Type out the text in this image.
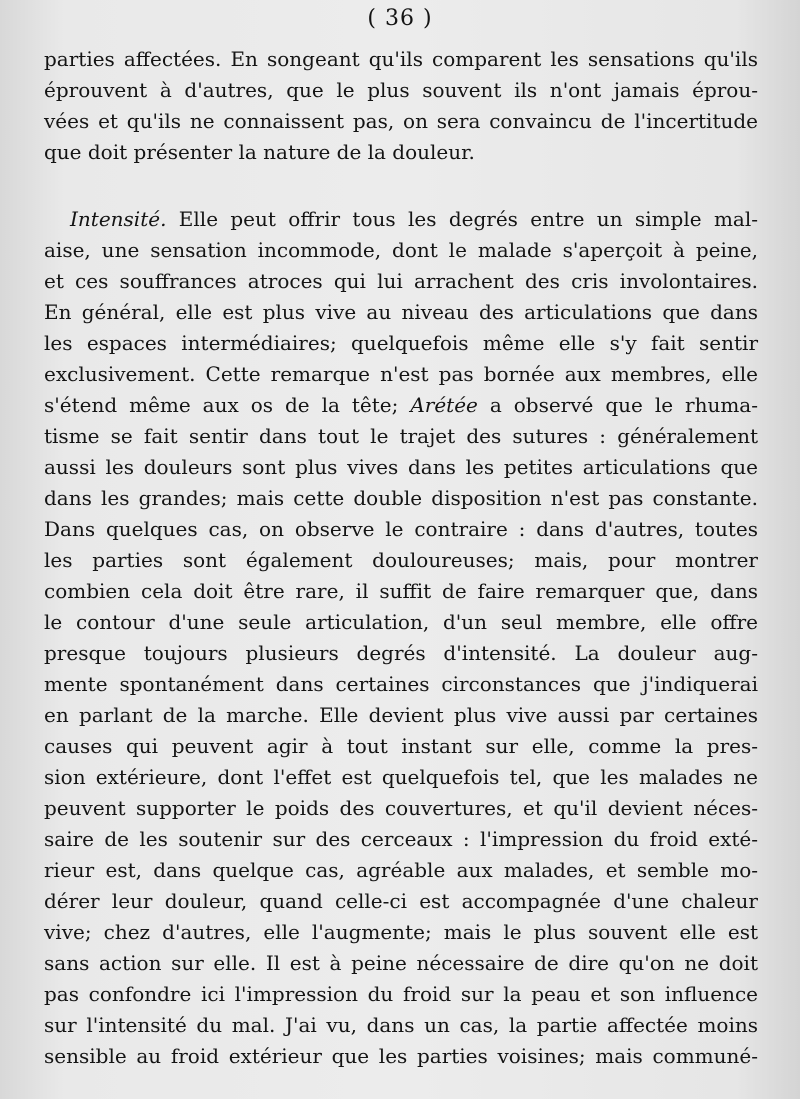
( 36 )
parties affectées. En songeant qu'ils comparent les sensations qu'ils
éprouvent à d'autres, que le plus souvent ils n'ont jamais éprou-
vées et qu'ils ne connaissent pas, on sera convaincu de l'incertitude
que doit présenter la nature de la douleur.
Intensité. Elle peut offrir tous les degrés entre un simple mal-
aise, une sensation incommode, dont le malade s'aperçoit à peine,
et ces souffrances atroces qui lui arrachent des cris involontaires.
En général, elle est plus vive au niveau des articulations que dans
les espaces intermédiaires; quelquefois même elle s'y fait sentir
exclusivement. Cette remarque n'est pas bornée aux membres, elle
s'étend même aux os de la tête; Arétée a observé que le rhuma-
tisme se fait sentir dans tout le trajet des sutures : généralement
aussi les douleurs sont plus vives dans les petites articulations que
dans les grandes; mais cette double disposition n'est pas constante.
Dans quelques cas, on observe le contraire : dans d'autres, toutes
les parties sont également douloureuses; mais, pour montrer
combien cela doit être rare, il suffit de faire remarquer que, dans
le contour d'une seule articulation, d'un seul membre, elle offre
presque toujours plusieurs degrés d'intensité. La douleur aug-
mente spontanément dans certaines circonstances que j'indiquerai
en parlant de la marche. Elle devient plus vive aussi par certaines
causes qui peuvent agir à tout instant sur elle, comme la pres-
sion extérieure, dont l'effet est quelquefois tel, que les malades ne
peuvent supporter le poids des couvertures, et qu'il devient néces-
saire de les soutenir sur des cerceaux : l'impression du froid exté-
rieur est, dans quelque cas, agréable aux malades, et semble mo-
dérer leur douleur, quand celle-ci est accompagnée d'une chaleur
vive; chez d'autres, elle l'augmente; mais le plus souvent elle est
sans action sur elle. Il est à peine nécessaire de dire qu'on ne doit
pas confondre ici l'impression du froid sur la peau et son influence
sur l'intensité du mal. J'ai vu, dans un cas, la partie affectée moins
sensible au froid extérieur que les parties voisines; mais communé-
